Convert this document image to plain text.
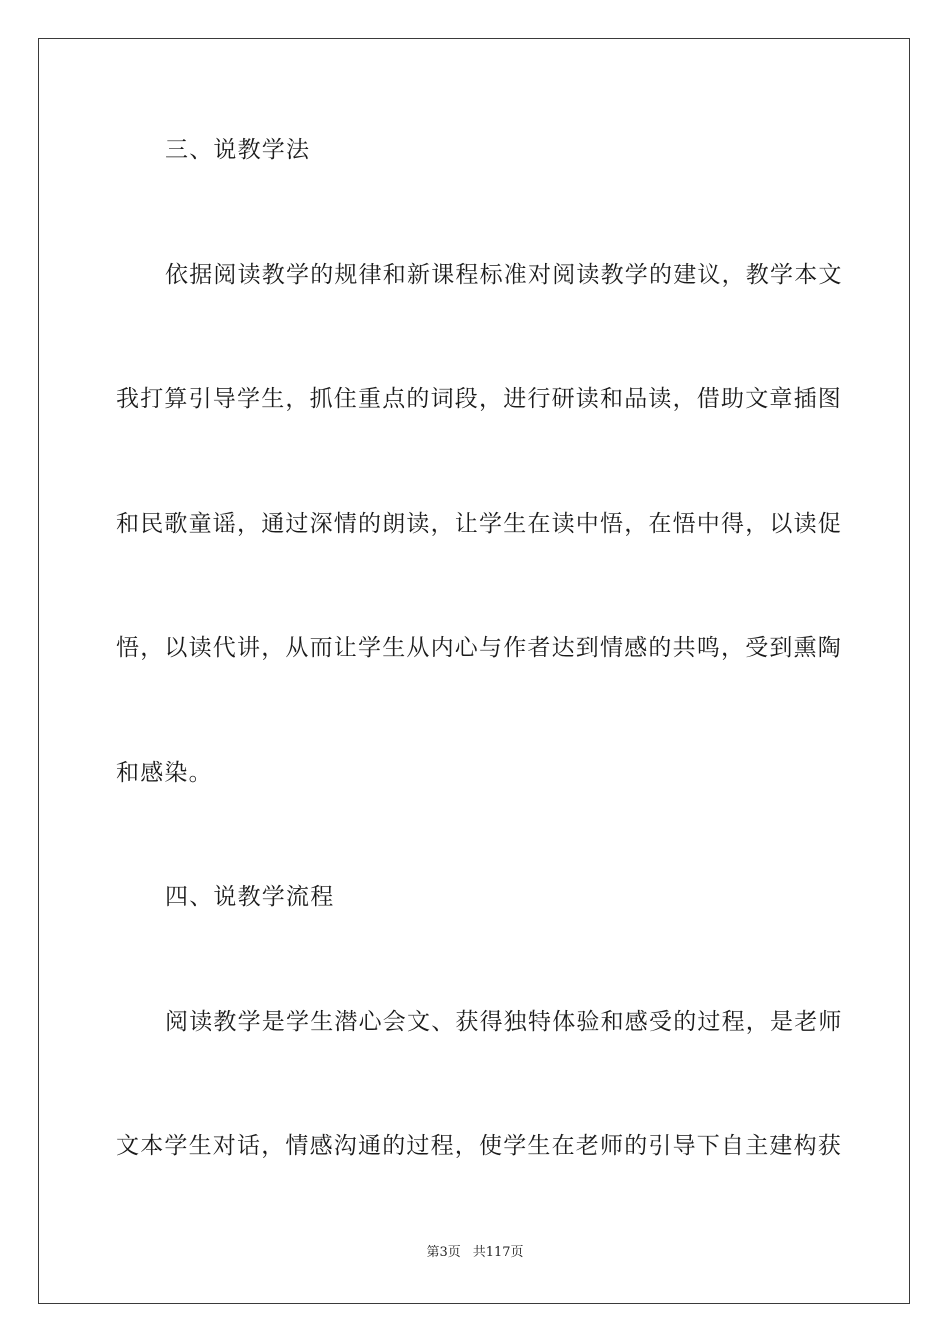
三、说教学法
依据阅读教学的规律和新课程标准对阅读教学的建议，教学本文
我打算引导学生，抓住重点的词段，进行研读和品读，借助文章插图
和民歌童谣，通过深情的朗读，让学生在读中悟，在悟中得，以读促
悟，以读代讲，从而让学生从内心与作者达到情感的共鸣，受到熏陶
和感染。
四、说教学流程
阅读教学是学生潜心会文、获得独特体验和感受的过程，是老师
文本学生对话，情感沟通的过程，使学生在老师的引导下自主建构获
第3页 共117页
